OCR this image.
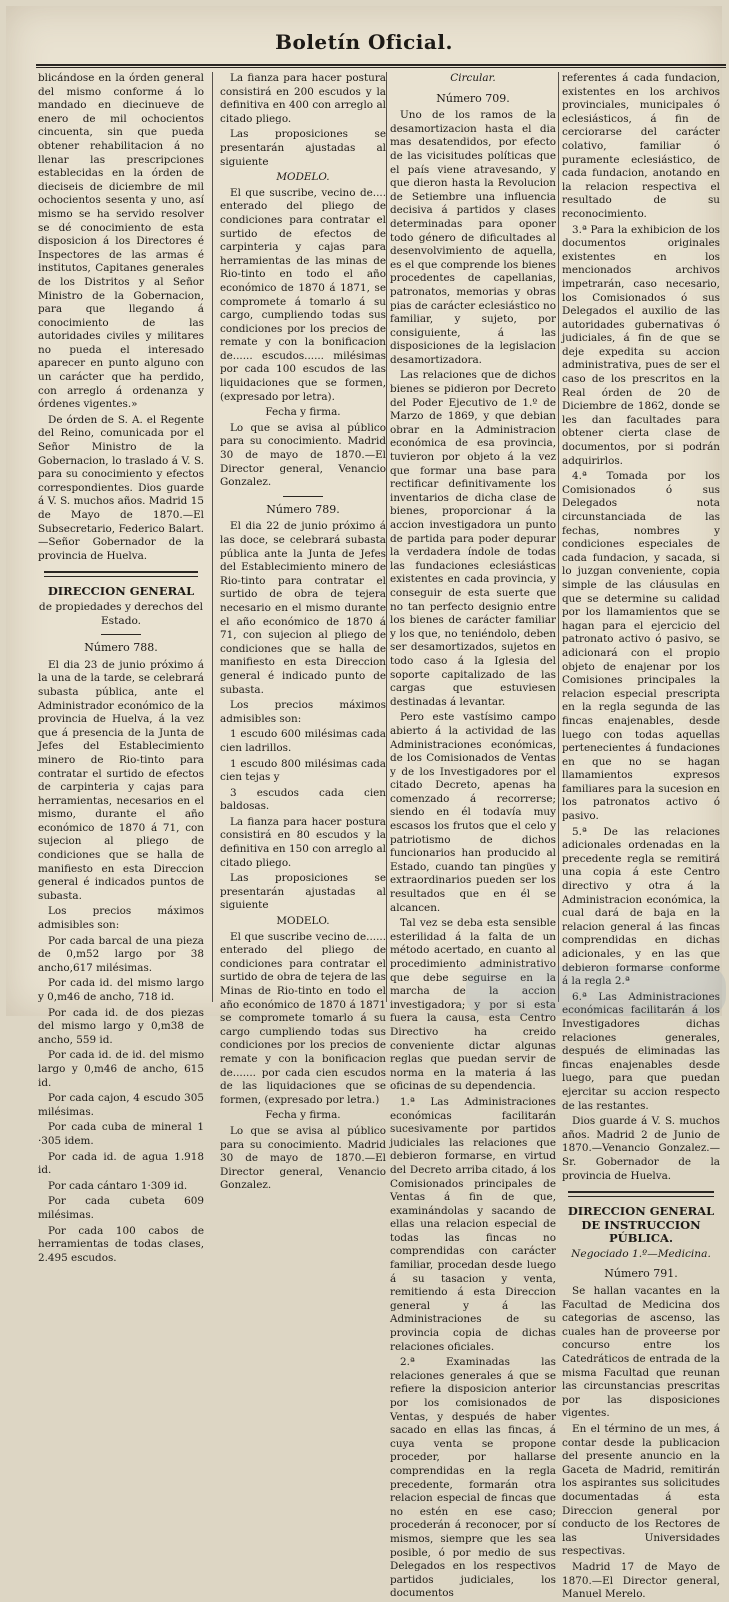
Boletín Oficial.

blicándose en la órden general del mismo conforme á lo mandado en diecinueve de enero de mil ochocientos cincuenta, sin que pueda obtener rehabilitacion á no llenar las prescripciones establecidas en la órden de dieciseis de diciembre de mil ochocientos sesenta y uno, así mismo se ha servido resolver se dé conocimiento de esta disposicion á los Directores é Inspectores de las armas é institutos, Capitanes generales de los Distritos y al Señor Ministro de la Gobernacion, para que llegando á conocimiento de las autoridades civiles y militares no pueda el interesado aparecer en punto alguno con un carácter que ha perdido, con arreglo á ordenanza y órdenes vigentes.»

De órden de S. A. el Regente del Reino, comunicada por el Señor Ministro de la Gobernacion, lo traslado á V. S. para su conocimiento y efectos correspondientes. Dios guarde á V. S. muchos años. Madrid 15 de Mayo de 1870.—El Subsecretario, Federico Balart. —Señor Gobernador de la provincia de Huelva.

DIRECCION GENERAL

de propiedades y derechos del Estado.

Número 788.

El dia 23 de junio próximo á la una de la tarde, se celebrará subasta pública, ante el Administrador económico de la provincia de Huelva, á la vez que á presencia de la Junta de Jefes del Establecimiento minero de Rio-tinto para contratar el surtido de efectos de carpinteria y cajas para herramientas, necesarios en el mismo, durante el año económico de 1870 á 71, con sujecion al pliego de condiciones que se halla de manifiesto en esta Direccion general é indicados puntos de subasta.

Los precios máximos admisibles son:

Por cada barcal de una pieza de 0,m52 largo por 38 ancho,617 milésimas.

Por cada id. del mismo largo y 0,m46 de ancho, 718 id.

Por cada id. de dos piezas del mismo largo y 0,m38 de ancho, 559 id.

Por cada id. de id. del mismo largo y 0,m46 de ancho, 615 id.

Por cada cajon, 4 escudo 305 milésimas.

Por cada cuba de mineral 1 ·305 idem.

Por cada id. de agua 1.918 id.

Por cada cántaro 1·309 id.

Por cada cubeta 609 milésimas.

Por cada 100 cabos de herramientas de todas clases, 2.495 escudos.

La fianza para hacer postura consistirá en 200 escudos y la definitiva en 400 con arreglo al citado pliego.

Las proposiciones se presentarán ajustadas al siguiente

MODELO.

El que suscribe, vecino de.... enterado del pliego de condiciones para contratar el surtido de efectos de carpinteria y cajas para herramientas de las minas de Rio-tinto en todo el año económico de 1870 á 1871, se compromete á tomarlo á su cargo, cumpliendo todas sus condiciones por los precios de remate y con la bonificacion de...... escudos...... milésimas por cada 100 escudos de las liquidaciones que se formen, (expresado por letra).

Fecha y firma.

Lo que se avisa al público para su conocimiento. Madrid 30 de mayo de 1870.—El Director general, Venancio Gonzalez.

Número 789.

El dia 22 de junio próximo á las doce, se celebrará subasta pública ante la Junta de Jefes del Establecimiento minero de Rio-tinto para contratar el surtido de obra de tejera necesario en el mismo durante el año económico de 1870 á 71, con sujecion al pliego de condiciones que se halla de manifiesto en esta Direccion general é indicado punto de subasta.

Los precios máximos admisibles son:

1 escudo 600 milésimas cada cien ladrillos.

1 escudo 800 milésimas cada cien tejas y

3 escudos cada cien baldosas.

La fianza para hacer postura consistirá en 80 escudos y la definitiva en 150 con arreglo al citado pliego.

Las proposiciones se presentarán ajustadas al siguiente

MODELO.

El que suscribe vecino de...... enterado del pliego de condiciones para contratar el surtido de obra de tejera de las Minas de Rio-tinto en todo el año económico de 1870 á 1871 se compromete tomarlo á su cargo cumpliendo todas sus condiciones por los precios de remate y con la bonificacion de....... por cada cien escudos de las liquidaciones que se formen, (expresado por letra.)

Fecha y firma.

Lo que se avisa al público para su conocimiento. Madrid 30 de mayo de 1870.—El Director general, Venancio Gonzalez.

Circular.

Número 709.

Uno de los ramos de la desamortizacion hasta el dia mas desatendidos, por efecto de las vicisitudes políticas que el país viene atravesando, y que dieron hasta la Revolucion de Setiembre una influencia decisiva á partidos y clases determinadas para oponer todo género de dificultades al desenvolvimiento de aquella, es el que comprende los bienes procedentes de capellanias, patronatos, memorias y obras pias de carácter eclesiástico no familiar, y sujeto, por consiguiente, á las disposiciones de la legislacion desamortizadora.

Las relaciones que de dichos bienes se pidieron por Decreto del Poder Ejecutivo de 1.º de Marzo de 1869, y que debian obrar en la Administracion económica de esa provincia, tuvieron por objeto á la vez que formar una base para rectificar definitivamente los inventarios de dicha clase de bienes, proporcionar á la accion investigadora un punto de partida para poder depurar la verdadera índole de todas las fundaciones eclesiásticas existentes en cada provincia, y conseguir de esta suerte que no tan perfecto designio entre los bienes de carácter familiar y los que, no teniéndolo, deben ser desamortizados, sujetos en todo caso á la Iglesia del soporte capitalizado de las cargas que estuviesen destinadas á levantar.

Pero este vastísimo campo abierto á la actividad de las Administraciones económicas, de los Comisionados de Ventas y de los Investigadores por el citado Decreto, apenas ha comenzado á recorrerse; siendo en él todavía muy escasos los frutos que el celo y patriotismo de dichos funcionarios han producido al Estado, cuando tan pingües y extraordinarios pueden ser los resultados que en él se alcancen.

Tal vez se deba esta sensible esterilidad á la falta de un método acertado, en cuanto al procedimiento administrativo que debe seguirse en la marcha de la accion investigadora; y por si esta fuera la causa, esta Centro Directivo ha creido conveniente dictar algunas reglas que puedan servir de norma en la materia á las oficinas de su dependencia.

1.ª Las Administraciones económicas facilitarán sucesivamente por partidos judiciales las relaciones que debieron formarse, en virtud del Decreto arriba citado, á los Comisionados principales de Ventas á fin de que, examinándolas y sacando de ellas una relacion especial de todas las fincas no comprendidas con carácter familiar, procedan desde luego á su tasacion y venta, remitiendo á esta Direccion general y á las Administraciones de su provincia copia de dichas relaciones oficiales.

2.ª Examinadas las relaciones generales á que se refiere la disposicion anterior por los comisionados de Ventas, y después de haber sacado en ellas las fincas, á cuya venta se propone proceder, por hallarse comprendidas en la regla precedente, formarán otra relacion especial de fincas que no estén en ese caso; procederán á reconocer, por sí mismos, siempre que les sea posible, ó por medio de sus Delegados en los respectivos partidos judiciales, los documentos

referentes á cada fundacion, existentes en los archivos provinciales, municipales ó eclesiásticos, á fin de cerciorarse del carácter colativo, familiar ó puramente eclesiástico, de cada fundacion, anotando en la relacion respectiva el resultado de su reconocimiento.

3.ª Para la exhibicion de los documentos originales existentes en los mencionados archivos impetrarán, caso necesario, los Comisionados ó sus Delegados el auxilio de las autoridades gubernativas ó judiciales, á fin de que se deje expedita su accion administrativa, pues de ser el caso de los prescritos en la Real órden de 20 de Diciembre de 1862, donde se les dan facultades para obtener cierta clase de documentos, por si podrán adquirirlos.

4.ª Tomada por los Comisionados ó sus Delegados nota circunstanciada de las fechas, nombres y condiciones especiales de cada fundacion, y sacada, si lo juzgan conveniente, copia simple de las cláusulas en que se determine su calidad por los llamamientos que se hagan para el ejercicio del patronato activo ó pasivo, se adicionará con el propio objeto de enajenar por los Comisiones principales la relacion especial prescripta en la regla segunda de las fincas enajenables, desde luego con todas aquellas pertenecientes á fundaciones en que no se hagan llamamientos expresos familiares para la sucesion en los patronatos activo ó pasivo.

5.ª De las relaciones adicionales ordenadas en la precedente regla se remitirá una copia á este Centro directivo y otra á la Administracion económica, la cual dará de baja en la relacion general á las fincas comprendidas en dichas adicionales, y en las que debieron formarse conforme á la regla 2.ª

6.ª Las Administraciones económicas facilitarán á los Investigadores dichas relaciones generales, después de eliminadas las fincas enajenables desde luego, para que puedan ejercitar su accion respecto de las restantes.

Dios guarde á V. S. muchos años. Madrid 2 de Junio de 1870.—Venancio Gonzalez.—Sr. Gobernador de la provincia de Huelva.

DIRECCION GENERAL DE INSTRUCCION PÚBLICA.

Negociado 1.º—Medicina.

Número 791.

Se hallan vacantes en la Facultad de Medicina dos categorias de ascenso, las cuales han de proveerse por concurso entre los Catedráticos de entrada de la misma Facultad que reunan las circunstancias prescritas por las disposiciones vigentes.

En el término de un mes, á contar desde la publicacion del presente anuncio en la Gaceta de Madrid, remitirán los aspirantes sus solicitudes documentadas á esta Direccion general por conducto de los Rectores de las Universidades respectivas.

Madrid 17 de Mayo de 1870.—El Director general, Manuel Merelo.
